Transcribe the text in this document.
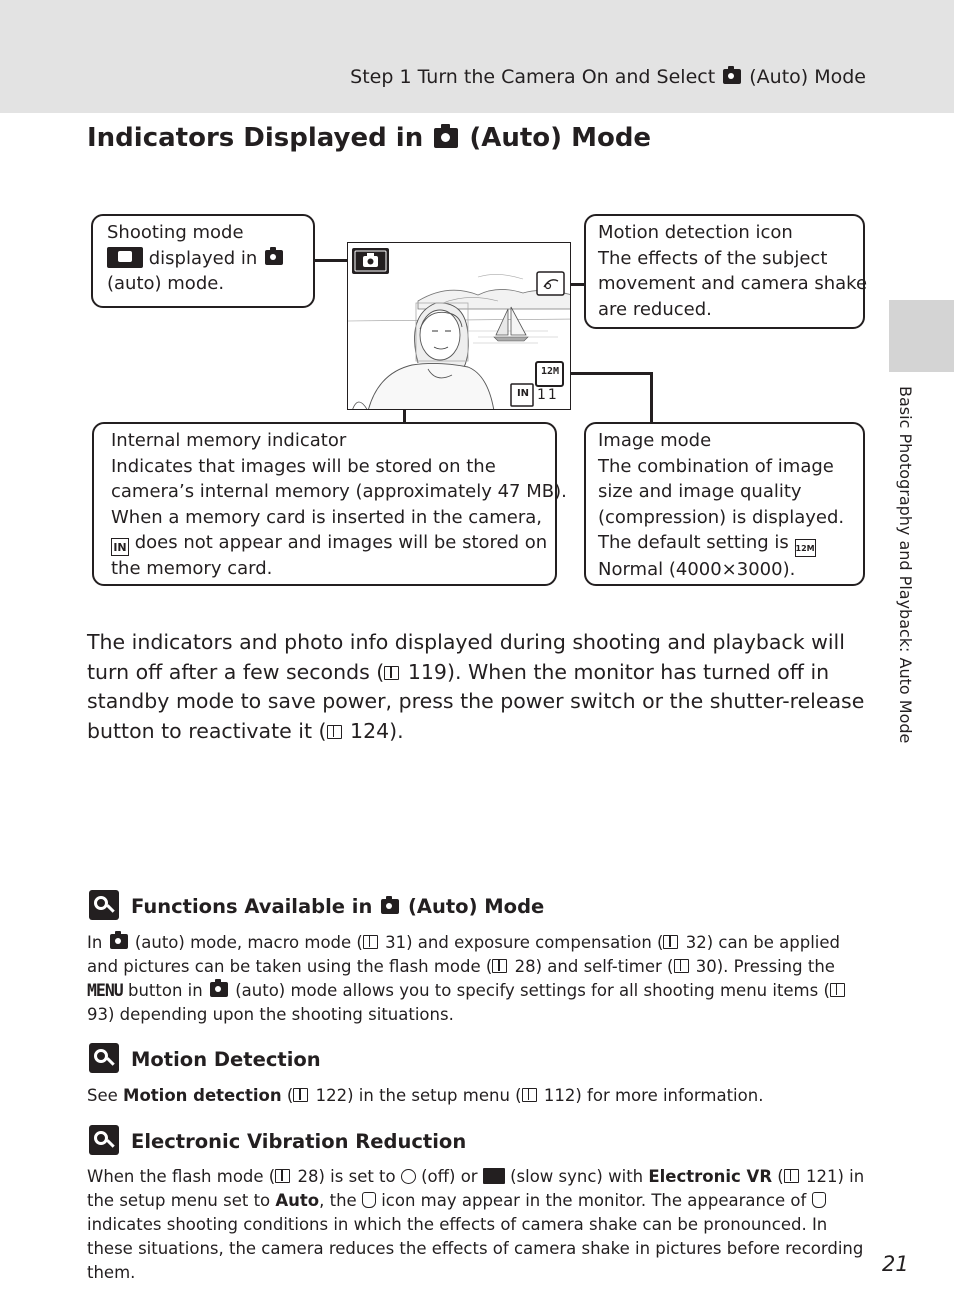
Step 1 Turn the Camera On and Select (Auto) Mode
Indicators Displayed in (Auto) Mode
Basic Photography and Playback: Auto Mode
12M
IN 11
Shooting mode
displayed in
(auto) mode.
Motion detection icon
The effects of the subject
movement and camera shake
are reduced.
Internal memory indicator
Indicates that images will be stored on the
camera’s internal memory (approximately 47 MB).
When a memory card is inserted in the camera,
IN does not appear and images will be stored on
the memory card.
Image mode
The combination of image
size and image quality
(compression) is displayed.
The default setting is 12M
Normal (4000×3000).
The indicators and photo info displayed during shooting and playback will turn off after a few seconds ( 119). When the monitor has turned off in standby mode to save power, press the power switch or the shutter-release button to reactivate it ( 124).
Functions Available in (Auto) Mode
In (auto) mode, macro mode ( 31) and exposure compensation ( 32) can be applied and pictures can be taken using the flash mode ( 28) and self-timer ( 30). Pressing the MENU button in (auto) mode allows you to specify settings for all shooting menu items ( 93) depending upon the shooting situations.
Motion Detection
See Motion detection ( 122) in the setup menu ( 112) for more information.
Electronic Vibration Reduction
When the flash mode ( 28) is set to (off) or (slow sync) with Electronic VR ( 121) in the setup menu set to Auto, the icon may appear in the monitor. The appearance of  indicates shooting conditions in which the effects of camera shake can be pronounced. In these situations, the camera reduces the effects of camera shake in pictures before recording them.	21
